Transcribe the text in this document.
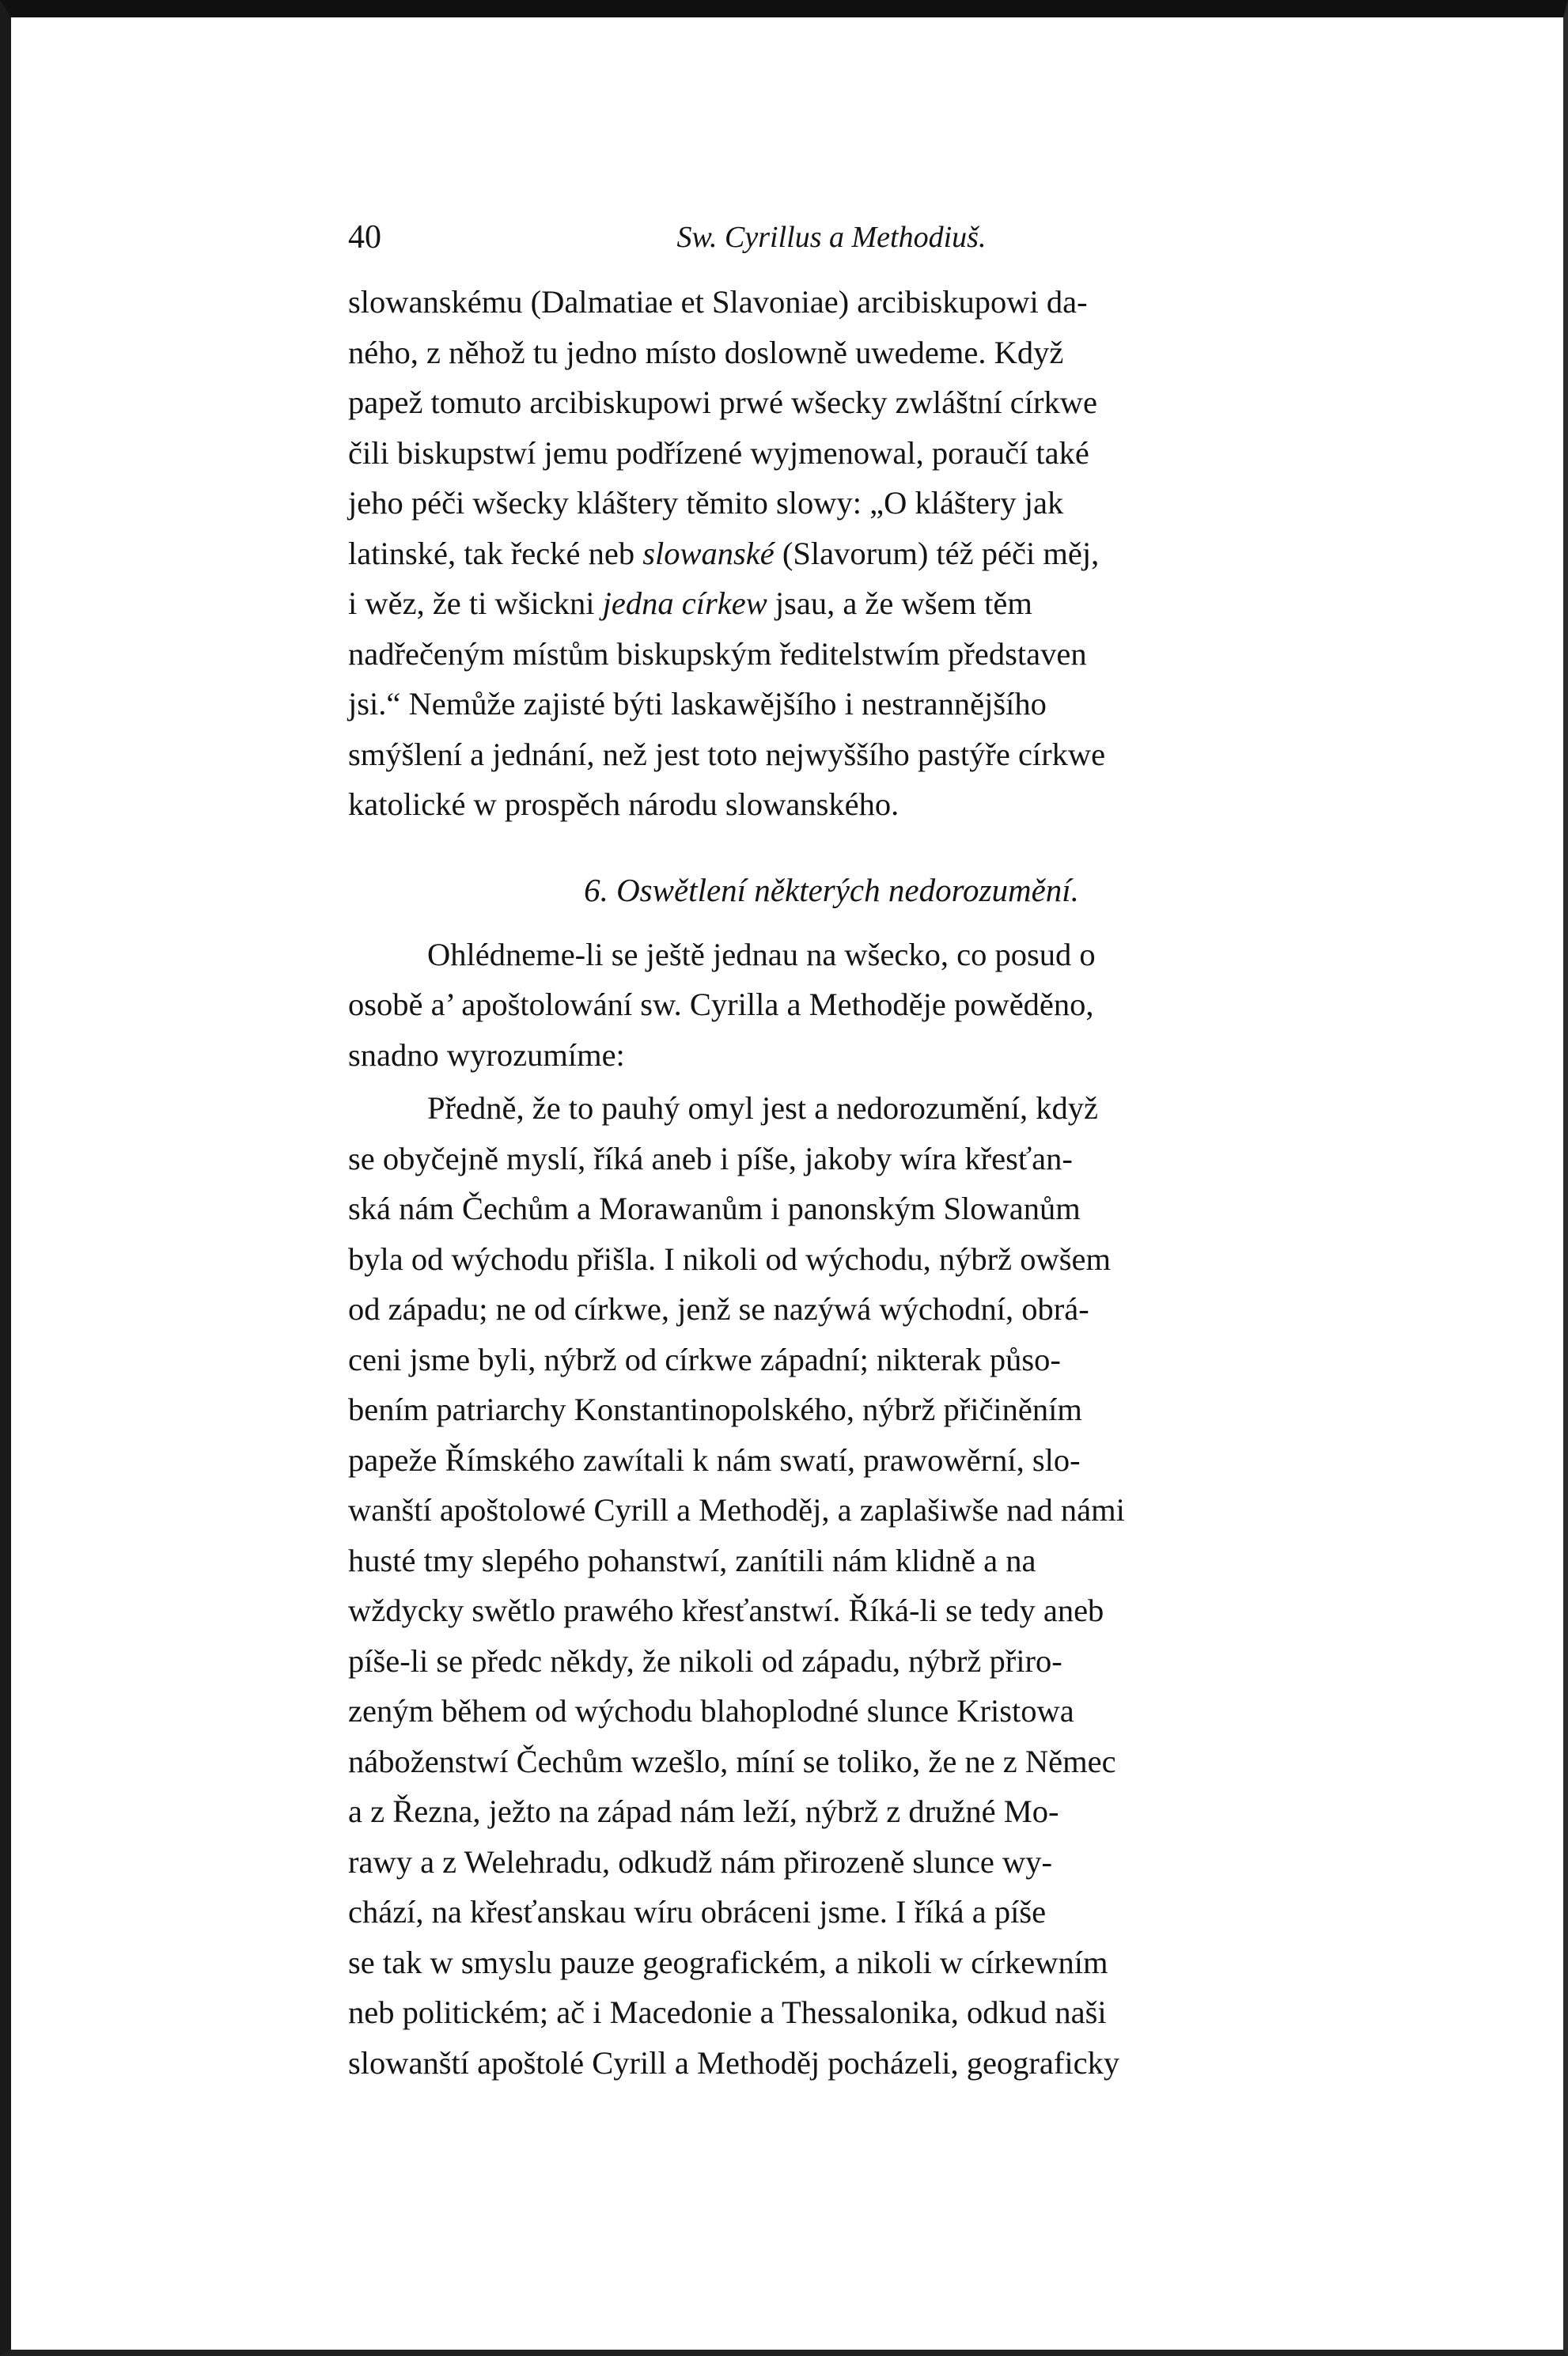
40	Sw. Cyrillus a Methodiuš.

slowanskému (Dalmatiae et Slavoniae) arcibiskupowi da-

ného, z něhož tu jedno místo doslowně uwedeme. Když

papež tomuto arcibiskupowi prwé wšecky zwláštní církwe

čili biskupstwí jemu podřízené wyjmenowal, poraučí také

jeho péči wšecky kláštery těmito slowy: „O kláštery jak

latinské, tak řecké neb slowanské (Slavorum) též péči měj,

i wěz, že ti wšickni jedna církew jsau, a že wšem těm

nadřečeným místům biskupským ředitelstwím představen

jsi.“ Nemůže zajisté býti laskawějšího i nestrannějšího

smýšlení a jednání, než jest toto nejwyššího pastýře církwe

katolické w prospěch národu slowanského.

6. Oswětlení některých nedorozumění.

Ohlédneme-li se ještě jednau na wšecko, co posud o

osobě a’ apoštolowání sw. Cyrilla a Methoděje powěděno,

snadno wyrozumíme:

Předně, že to pauhý omyl jest a nedorozumění, když

se obyčejně myslí, říká aneb i píše, jakoby wíra křesťan-

ská nám Čechům a Morawanům i panonským Slowanům

byla od wýchodu přišla. I nikoli od wýchodu, nýbrž owšem

od západu; ne od církwe, jenž se nazýwá wýchodní, obrá-

ceni jsme byli, nýbrž od církwe západní; nikterak půso-

bením patriarchy Konstantinopolského, nýbrž přičiněním

papeže Římského zawítali k nám swatí, prawowěrní, slo-

wanští apoštolowé Cyrill a Methoděj, a zaplašiwše nad námi

husté tmy slepého pohanstwí, zanítili nám klidně a na

wždycky swětlo prawého křesťanstwí. Říká-li se tedy aneb

píše-li se předc někdy, že nikoli od západu, nýbrž přiro-

zeným během od wýchodu blahoplodné slunce Kristowa

náboženstwí Čechům wzešlo, míní se toliko, že ne z Němec

a z Řezna, ježto na západ nám leží, nýbrž z družné Mo-

rawy a z Welehradu, odkudž nám přirozeně slunce wy-

chází, na křesťanskau wíru obráceni jsme. I říká a píše

se tak w smyslu pauze geografickém, a nikoli w církewním

neb politickém; ač i Macedonie a Thessalonika, odkud naši

slowanští apoštolé Cyrill a Methoděj pocházeli, geograficky
